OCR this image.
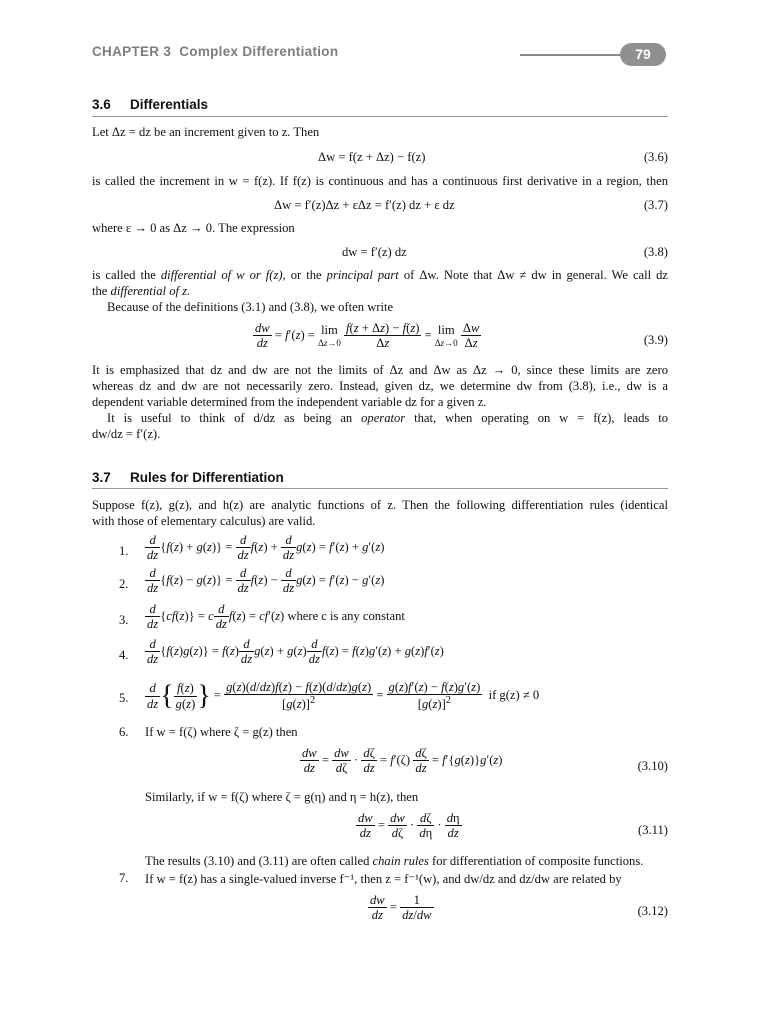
CHAPTER 3 Complex Differentiation	79
3.6 Differentials
Let Δz = dz be an increment given to z. Then
Δw = f(z + Δz) − f(z)	(3.6)
is called the increment in w = f(z). If f(z) is continuous and has a continuous first derivative in a region, then
Δw = f′(z)Δz + εΔz = f′(z) dz + ε dz	(3.7)
where ε → 0 as Δz → 0. The expression
dw = f′(z) dz	(3.8)
is called the differential of w or f(z), or the principal part of Δw. Note that Δw ≠ dw in general. We call dz
the differential of z.
Because of the definitions (3.1) and (3.8), we often write
$\frac{dw}{dz} = f'(z) = \lim$
Δz→0
$\frac{f(z + \Delta z) - f(z)}{\Delta z} = \lim$
Δz→0
$\frac{\Delta w}{\Delta z}$	(3.9)
It is emphasized that dz and dw are not the limits of Δz and Δw as Δz → 0, since these limits are zero
whereas dz and dw are not necessarily zero. Instead, given dz, we determine dw from (3.8), i.e., dw is a
dependent variable determined from the independent variable dz for a given z.
It is useful to think of d/dz as being an operator that, when operating on w = f(z), leads to
dw/dz = f′(z).
3.7 Rules for Differentiation
Suppose f(z), g(z), and h(z) are analytic functions of z. Then the following differentiation rules (identical
with those of elementary calculus) are valid.
1. $\frac{d}{dz} \{f(z) + g(z)\} = \frac{d}{dz} f(z) + \frac{d}{dz} g(z) = f'(z) + g'(z)$
2. $\frac{d}{dz} \{f(z) - g(z)\} = \frac{d}{dz} f(z) - \frac{d}{dz} g(z) = f'(z) - g'(z)$
3. $\frac{d}{dz} \{cf(z)\} = c \frac{d}{dz} f(z) = cf'(z)$ where c is any constant
4. $\frac{d}{dz} \{f(z)g(z)\} = f(z) \frac{d}{dz} g(z) + g(z) \frac{d}{dz} f(z) = f(z)g'(z) + g(z)f'(z)$
5. $\frac{d}{dz}$ { $\frac{f(z)}{g(z)}$ } = $\frac{g(z)(d/dz)f(z) - f(z)(d/dz)g(z)}{[g(z)]^2} = \frac{g(z)f'(z) - f(z)g'(z)}{[g(z)]^2}$ if g(z) ≠ 0
6. If w = f(ζ) where ζ = g(z) then
$\frac{dw}{dz} = \frac{dw}{d\zeta} \cdot \frac{d\zeta}{dz} = f'(\zeta) \frac{d\zeta}{dz} = f'\{g(z)\}g'(z)$	(3.10)
Similarly, if w = f(ζ) where ζ = g(η) and η = h(z), then
$\frac{dw}{dz} = \frac{dw}{d\zeta} \cdot \frac{d\zeta}{d\eta} \cdot \frac{d\eta}{dz}$	(3.11)
The results (3.10) and (3.11) are often called chain rules for differentiation of composite functions.
7. If w = f(z) has a single-valued inverse f⁻¹, then z = f⁻¹(w), and dw/dz and dz/dw are related by
$\frac{dw}{dz} = \frac{1}{dz/dw}$	(3.12)
